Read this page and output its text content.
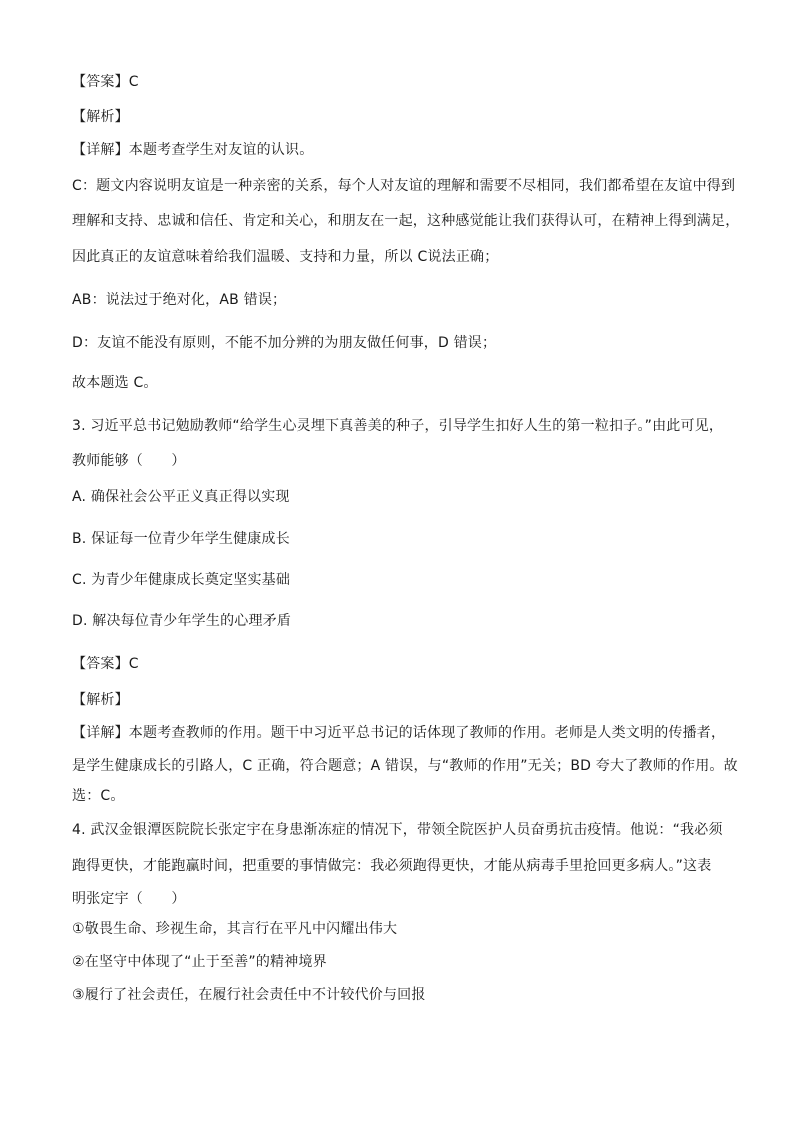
【答案】C
【解析】
【详解】本题考查学生对友谊的认识。
C：题文内容说明友谊是一种亲密的关系，每个人对友谊的理解和需要不尽相同，我们都希望在友谊中得到
理解和支持、忠诚和信任、肯定和关心，和朋友在一起，这种感觉能让我们获得认可，在精神上得到满足，
因此真正的友谊意味着给我们温暖、支持和力量，所以 C说法正确；
AB：说法过于绝对化，AB 错误；
D：友谊不能没有原则，不能不加分辨的为朋友做任何事，D 错误；
故本题选 C。
3. 习近平总书记勉励教师“给学生心灵埋下真善美的种子，引导学生扣好人生的第一粒扣子。”由此可见，
教师能够（　　）
A. 确保社会公平正义真正得以实现
B. 保证每一位青少年学生健康成长
C. 为青少年健康成长奠定坚实基础
D. 解决每位青少年学生的心理矛盾
【答案】C
【解析】
【详解】本题考查教师的作用。题干中习近平总书记的话体现了教师的作用。老师是人类文明的传播者，
是学生健康成长的引路人，C 正确，符合题意；A 错误，与“教师的作用”无关；BD 夸大了教师的作用。故
选：C。
4. 武汉金银潭医院院长张定宇在身患渐冻症的情况下，带领全院医护人员奋勇抗击疫情。他说：“我必须
跑得更快，才能跑赢时间，把重要的事情做完：我必须跑得更快，才能从病毒手里抢回更多病人。”这表
明张定宇（　　）
①敬畏生命、珍视生命，其言行在平凡中闪耀出伟大
②在坚守中体现了“止于至善”的精神境界
③履行了社会责任，在履行社会责任中不计较代价与回报
